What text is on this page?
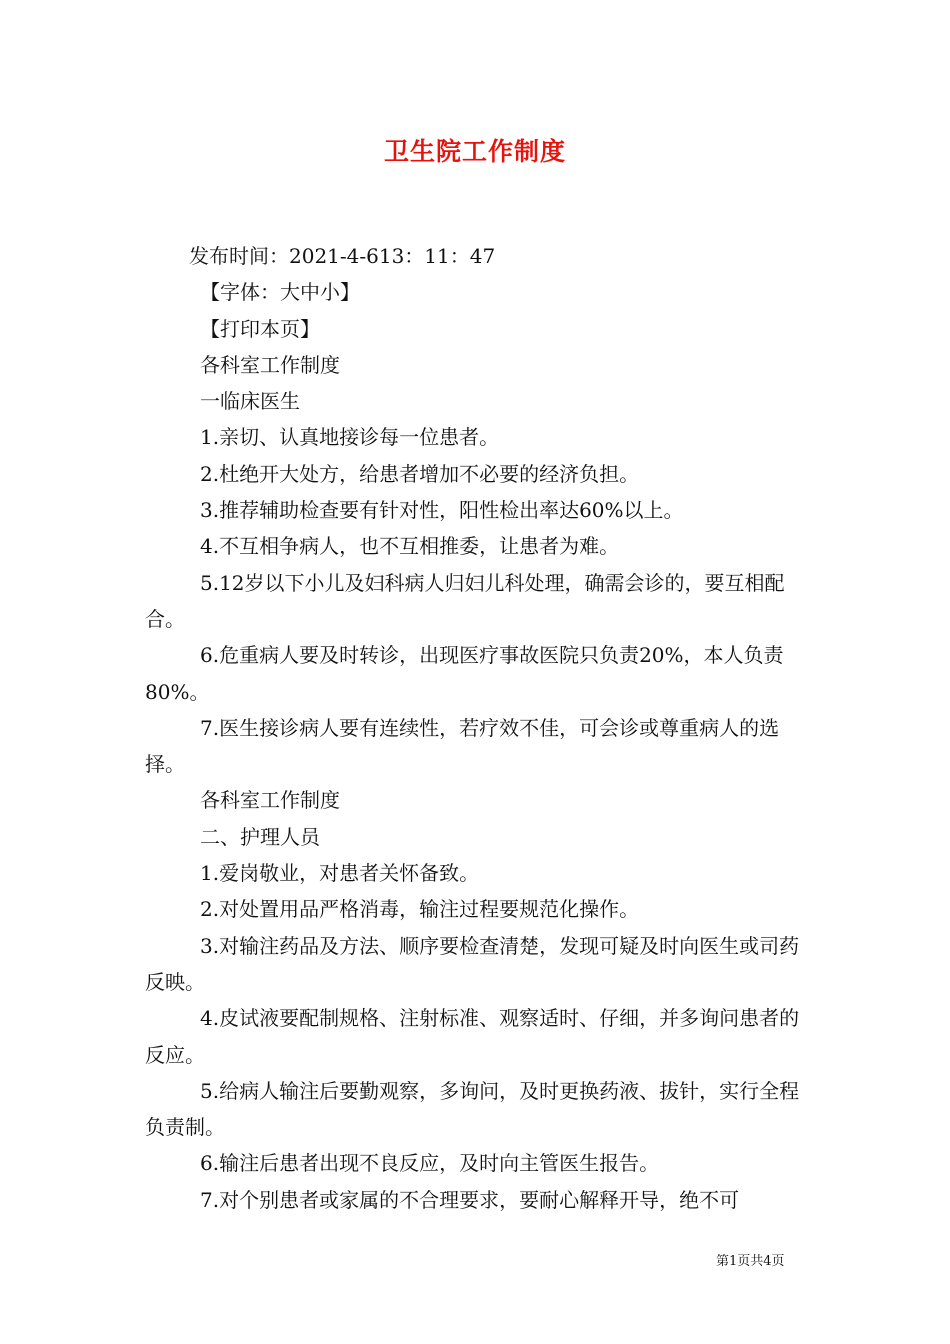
卫生院工作制度

发布时间：2021-4-613：11：47

【字体：大中小】

【打印本页】

各科室工作制度

一临床医生

1.亲切、认真地接诊每一位患者。

2.杜绝开大处方，给患者增加不必要的经济负担。

3.推荐辅助检查要有针对性，阳性检出率达60%以上。

4.不互相争病人，也不互相推委，让患者为难。

5.12岁以下小儿及妇科病人归妇儿科处理，确需会诊的，要互相配合。

6.危重病人要及时转诊，出现医疗事故医院只负责20%，本人负责80%。

7.医生接诊病人要有连续性，若疗效不佳，可会诊或尊重病人的选择。

各科室工作制度

二、护理人员

1.爱岗敬业，对患者关怀备致。

2.对处置用品严格消毒，输注过程要规范化操作。

3.对输注药品及方法、顺序要检查清楚，发现可疑及时向医生或司药反映。

4.皮试液要配制规格、注射标准、观察适时、仔细，并多询问患者的反应。

5.给病人输注后要勤观察，多询问，及时更换药液、拔针，实行全程负责制。

6.输注后患者出现不良反应，及时向主管医生报告。

7.对个别患者或家属的不合理要求，要耐心解释开导，绝不可

第1页共4页
